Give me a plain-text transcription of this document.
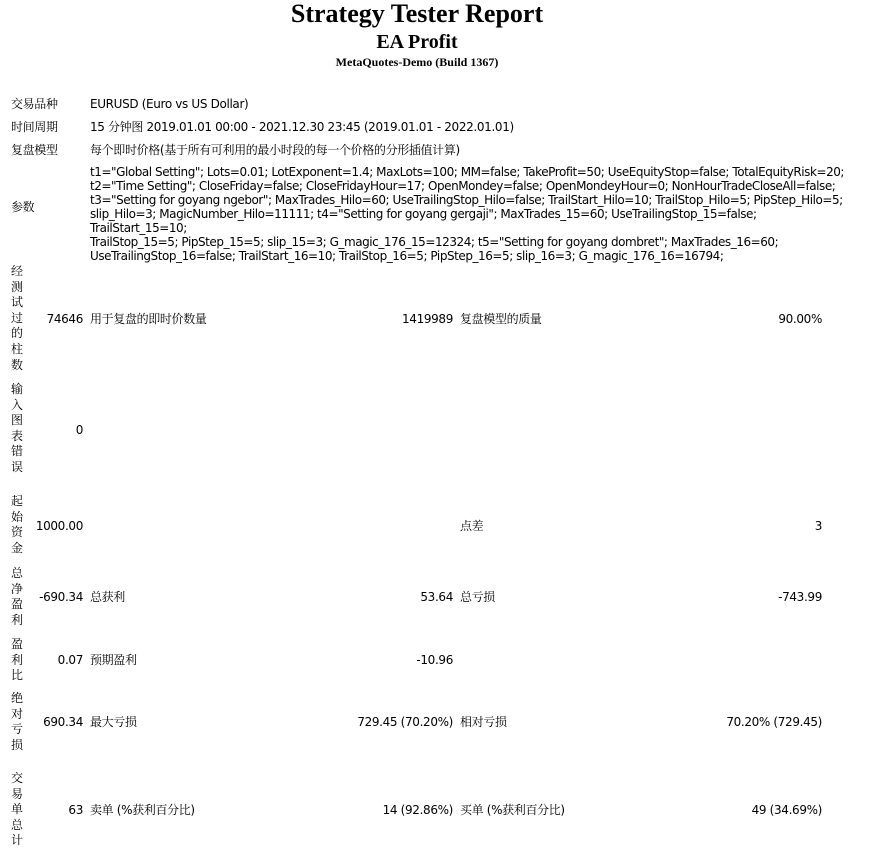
Strategy Tester Report
EA Profit
MetaQuotes-Demo (Build 1367)
交易品种	EURUSD (Euro vs US Dollar)
时间周期	15 分钟图 2019.01.01 00:00 - 2021.12.30 23:45 (2019.01.01 - 2022.01.01)
复盘模型	每个即时价格(基于所有可利用的最小时段的每一个价格的分形插值计算)
参数
t1="Global Setting"; Lots=0.01; LotExponent=1.4; MaxLots=100; MM=false; TakeProfit=50; UseEquityStop=false; TotalEquityRisk=20;
t2="Time Setting"; CloseFriday=false; CloseFridayHour=17; OpenMondey=false; OpenMondeyHour=0; NonHourTradeCloseAll=false;
t3="Setting for goyang ngebor"; MaxTrades_Hilo=60; UseTrailingStop_Hilo=false; TrailStart_Hilo=10; TrailStop_Hilo=5; PipStep_Hilo=5;
slip_Hilo=3; MagicNumber_Hilo=11111; t4="Setting for goyang gergaji"; MaxTrades_15=60; UseTrailingStop_15=false; TrailStart_15=10;
TrailStop_15=5; PipStep_15=5; slip_15=3; G_magic_176_15=12324; t5="Setting for goyang dombret"; MaxTrades_16=60;
UseTrailingStop_16=false; TrailStart_16=10; TrailStop_16=5; PipStep_16=5; slip_16=3; G_magic_176_16=16794;
经测试过的柱数
74646 用于复盘的即时价数量	1419989 复盘模型的质量	90.00%
输入图表错误
0
起始资金
1000.00	点差	3
总净盈利
-690.34 总获利	53.64 总亏损	-743.99
盈利比
0.07 预期盈利	-10.96
绝对亏损
690.34 最大亏损	729.45 (70.20%) 相对亏损	70.20% (729.45)
交易单总计
63 卖单 (%获利百分比)	14 (92.86%) 买单 (%获利百分比)	49 (34.69%)
